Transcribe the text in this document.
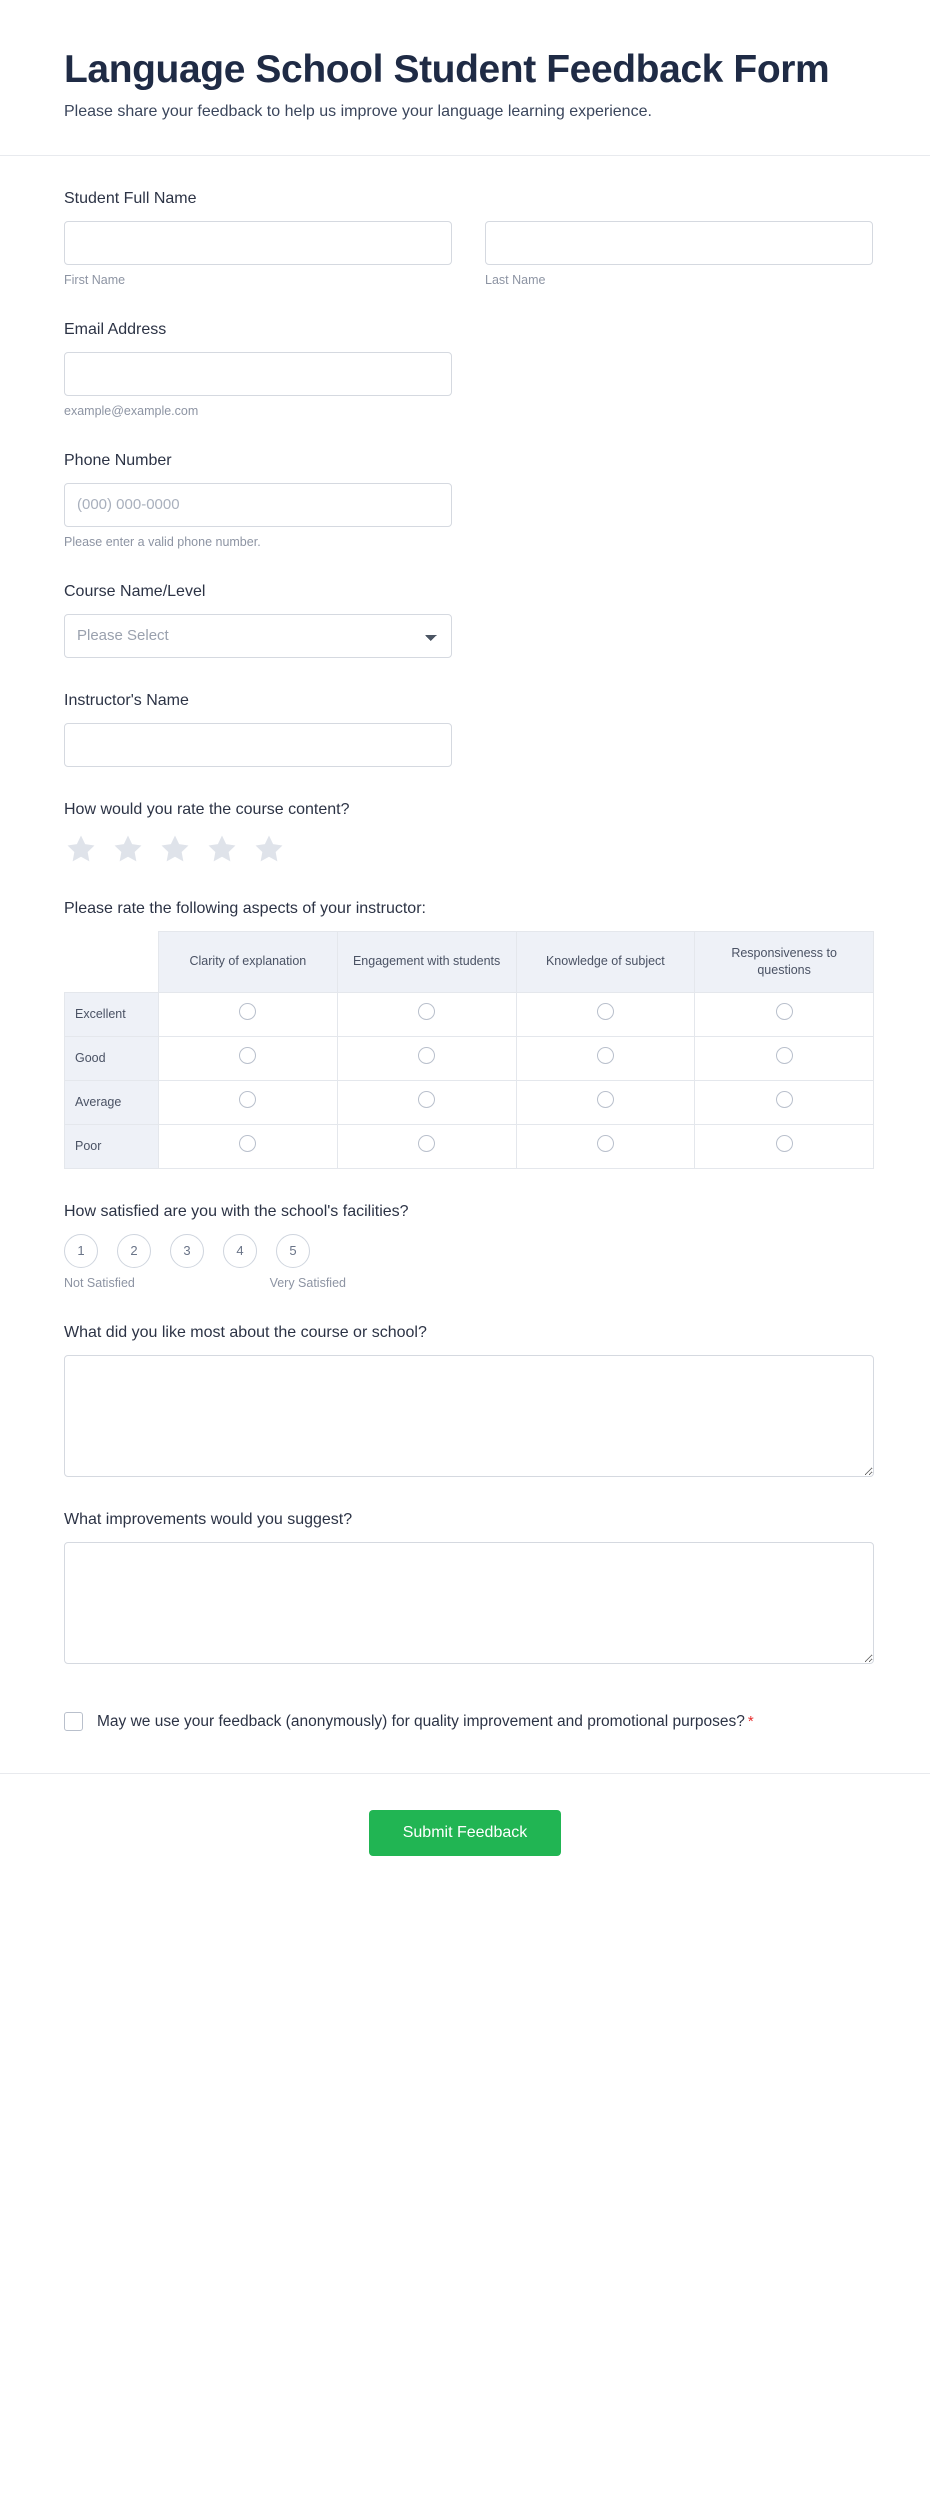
Language School Student Feedback Form

Please share your feedback to help us improve your language learning experience.

Student Full Name
First Name	Last Name
Email Address
example@example.com
Phone Number
(000) 000-0000
Please enter a valid phone number.
Course Name/Level
Please Select
Instructor's Name
How would you rate the course content?
Please rate the following aspects of your instructor:
	Clarity of explanation	Engagement with students	Knowledge of subject	Responsiveness to questions
Excellent				
Good				
Average				
Poor				
How satisfied are you with the school's facilities?
1	2	3	4	5
Not Satisfied	Very Satisfied
What did you like most about the course or school?
What improvements would you suggest?
May we use your feedback (anonymously) for quality improvement and promotional purposes? *
Submit Feedback
